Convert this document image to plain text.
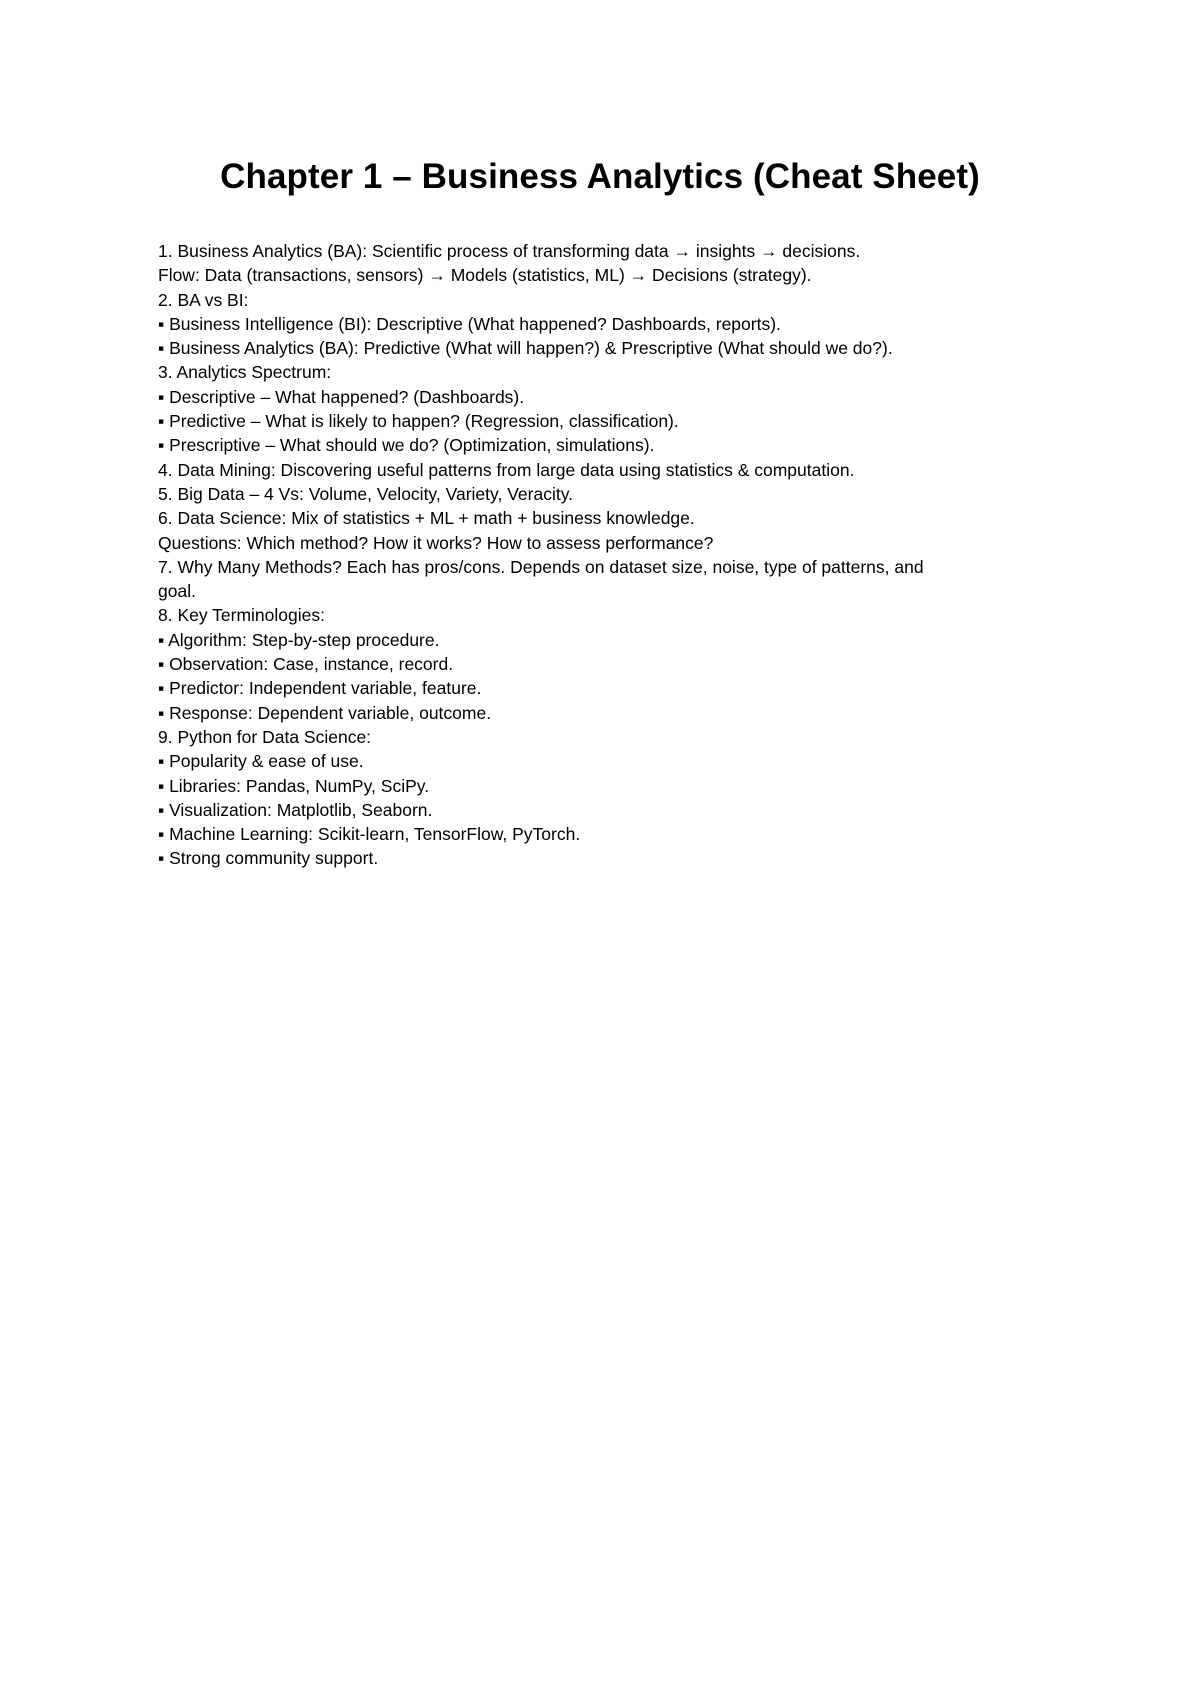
Chapter 1 – Business Analytics (Cheat Sheet)

1. Business Analytics (BA): Scientific process of transforming data → insights → decisions.

Flow: Data (transactions, sensors) → Models (statistics, ML) → Decisions (strategy).

2. BA vs BI:

▪ Business Intelligence (BI): Descriptive (What happened? Dashboards, reports).

▪ Business Analytics (BA): Predictive (What will happen?) & Prescriptive (What should we do?).

3. Analytics Spectrum:

▪ Descriptive – What happened? (Dashboards).

▪ Predictive – What is likely to happen? (Regression, classification).

▪ Prescriptive – What should we do? (Optimization, simulations).

4. Data Mining: Discovering useful patterns from large data using statistics & computation.

5. Big Data – 4 Vs: Volume, Velocity, Variety, Veracity.

6. Data Science: Mix of statistics + ML + math + business knowledge.

Questions: Which method? How it works? How to assess performance?

7. Why Many Methods? Each has pros/cons. Depends on dataset size, noise, type of patterns, and

goal.

8. Key Terminologies:

▪ Algorithm: Step-by-step procedure.

▪ Observation: Case, instance, record.

▪ Predictor: Independent variable, feature.

▪ Response: Dependent variable, outcome.

9. Python for Data Science:

▪ Popularity & ease of use.

▪ Libraries: Pandas, NumPy, SciPy.

▪ Visualization: Matplotlib, Seaborn.

▪ Machine Learning: Scikit-learn, TensorFlow, PyTorch.

▪ Strong community support.
